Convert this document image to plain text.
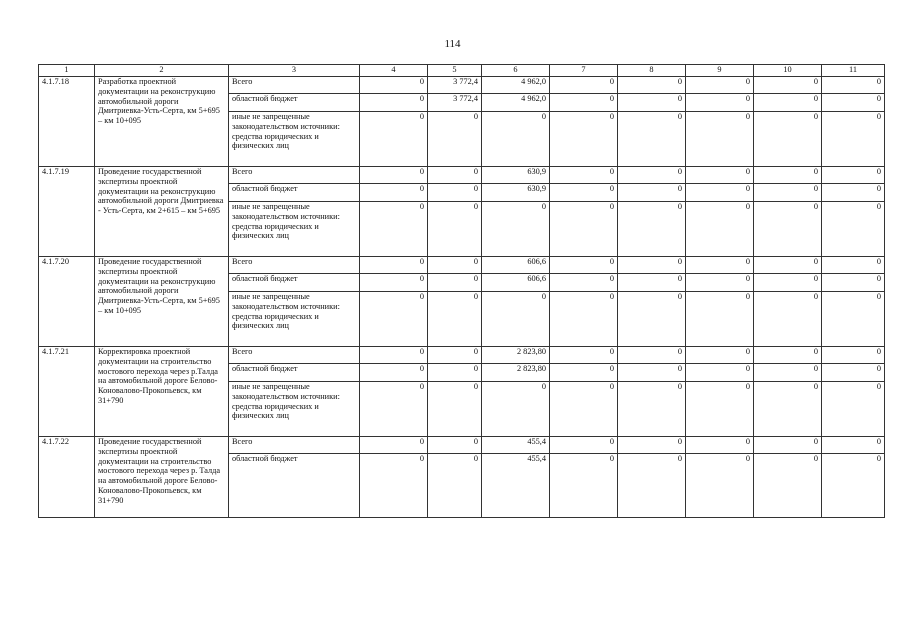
114
1	2	3	4	5	6	7	8	9	10	11
4.1.7.18	Разработка проектной документации на реконструкцию автомобильной дороги Дмитриевка-Усть-Серта, км 5+695 – км 10+095	Всего	0	3 772,4	4 962,0	0	0	0	0	0

		областной бюджет	0	3 772,4	4 962,0	0	0	0	0	0

		иные не запрещенные законодательством источники:
средства юридических и физических лиц	0	0	0	0	0	0	0	0
4.1.7.19	Проведение государственной экспертизы проектной документации на реконструкцию автомобильной дороги Дмитриевка - Усть-Серта, км 2+615 – км 5+695	Всего	0	0	630,9	0	0	0	0	0

		областной бюджет	0	0	630,9	0	0	0	0	0

		иные не запрещенные законодательством источники:
средства юридических и физических лиц	0	0	0	0	0	0	0	0
4.1.7.20	Проведение государственной экспертизы проектной документации на реконструкцию автомобильной дороги Дмитриевка-Усть-Серта, км 5+695 – км 10+095	Всего	0	0	606,6	0	0	0	0	0

		областной бюджет	0	0	606,6	0	0	0	0	0

		иные не запрещенные законодательством источники:
средства юридических и физических лиц	0	0	0	0	0	0	0	0
4.1.7.21	Корректировка проектной документации на строительство мостового перехода через р.Талда на автомобильной дороге Белово-Коновалово-Прокопьевск, км 31+790	Всего	0	0	2 823,80	0	0	0	0	0

		областной бюджет	0	0	2 823,80	0	0	0	0	0

		иные не запрещенные законодательством источники:
средства юридических и физических лиц	0	0	0	0	0	0	0	0
4.1.7.22	Проведение государственной экспертизы проектной документации на строительство мостового перехода через р. Талда на автомобильной дороге Белово-Коновалово-Прокопьевск, км 31+790	Всего	0	0	455,4	0	0	0	0	0

		областной бюджет	0	0	455,4	0	0	0	0	0
